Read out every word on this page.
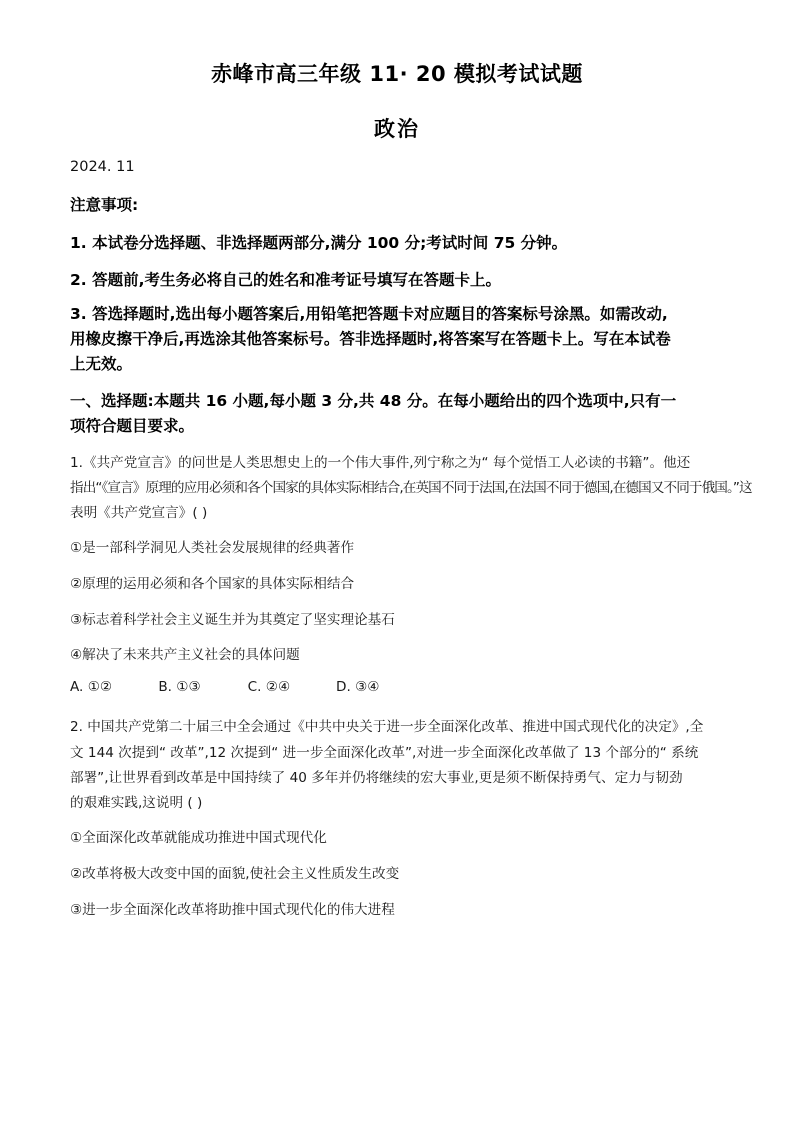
赤峰市高三年级 11· 20 模拟考试试题
政治
2024. 11
注意事项:
1. 本试卷分选择题、非选择题两部分,满分 100 分;考试时间 75 分钟。
2. 答题前,考生务必将自己的姓名和准考证号填写在答题卡上。
3. 答选择题时,选出每小题答案后,用铅笔把答题卡对应题目的答案标号涂黑。如需改动,
用橡皮擦干净后,再选涂其他答案标号。答非选择题时,将答案写在答题卡上。写在本试卷
上无效。
一、选择题:本题共 16 小题,每小题 3 分,共 48 分。在每小题给出的四个选项中,只有一
项符合题目要求。
1.《共产党宣言》的问世是人类思想史上的一个伟大事件,列宁称之为“ 每个觉悟工人必读的书籍”。他还
指出“《宣言》原理的应用必须和各个国家的具体实际相结合,在英国不同于法国,在法国不同于德国,在德国又不同于俄国。”这
表明《共产党宣言》( )
①是一部科学洞见人类社会发展规律的经典著作
②原理的运用必须和各个国家的具体实际相结合
③标志着科学社会主义诞生并为其奠定了坚实理论基石
④解决了未来共产主义社会的具体问题
A. ①②	B. ①③	C. ②④	D. ③④
2. 中国共产党第二十届三中全会通过《中共中央关于进一步全面深化改革、推进中国式现代化的决定》,全
文 144 次提到“ 改革”,12 次提到“ 进一步全面深化改革”,对进一步全面深化改革做了 13 个部分的“ 系统
部署”,让世界看到改革是中国持续了 40 多年并仍将继续的宏大事业,更是须不断保持勇气、定力与韧劲
的艰难实践,这说明 ( )
①全面深化改革就能成功推进中国式现代化
②改革将极大改变中国的面貌,使社会主义性质发生改变
③进一步全面深化改革将助推中国式现代化的伟大进程
